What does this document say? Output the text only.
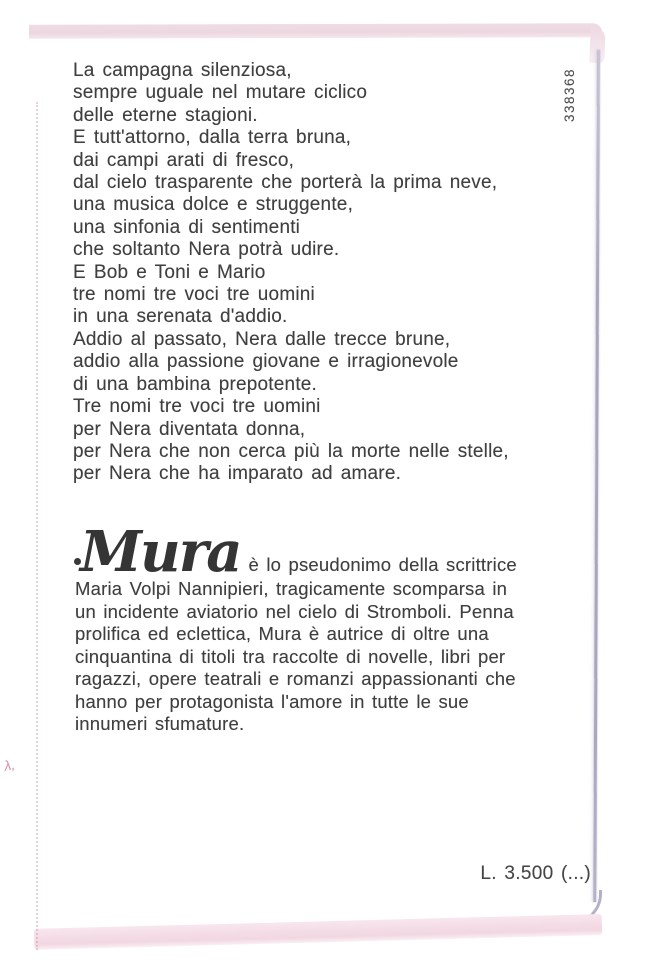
338368
La campagna silenziosa,
sempre uguale nel mutare ciclico
delle eterne stagioni.
E tutt'attorno, dalla terra bruna,
dai campi arati di fresco,
dal cielo trasparente che porterà la prima neve,
una musica dolce e struggente,
una sinfonia di sentimenti
che soltanto Nera potrà udire.
E Bob e Toni e Mario
tre nomi tre voci tre uomini
in una serenata d'addio.
Addio al passato, Nera dalle trecce brune,
addio alla passione giovane e irragionevole
di una bambina prepotente.
Tre nomi tre voci tre uomini
per Nera diventata donna,
per Nera che non cerca più la morte nelle stelle,
per Nera che ha imparato ad amare.
Mura è lo pseudonimo della scrittrice
Maria Volpi Nannipieri, tragicamente scomparsa in
un incidente aviatorio nel cielo di Stromboli. Penna
prolifica ed eclettica, Mura è autrice di oltre una
cinquantina di titoli tra raccolte di novelle, libri per
ragazzi, opere teatrali e romanzi appassionanti che
hanno per protagonista l'amore in tutte le sue
innumeri sfumature.
L. 3.500 (...)
λ,
